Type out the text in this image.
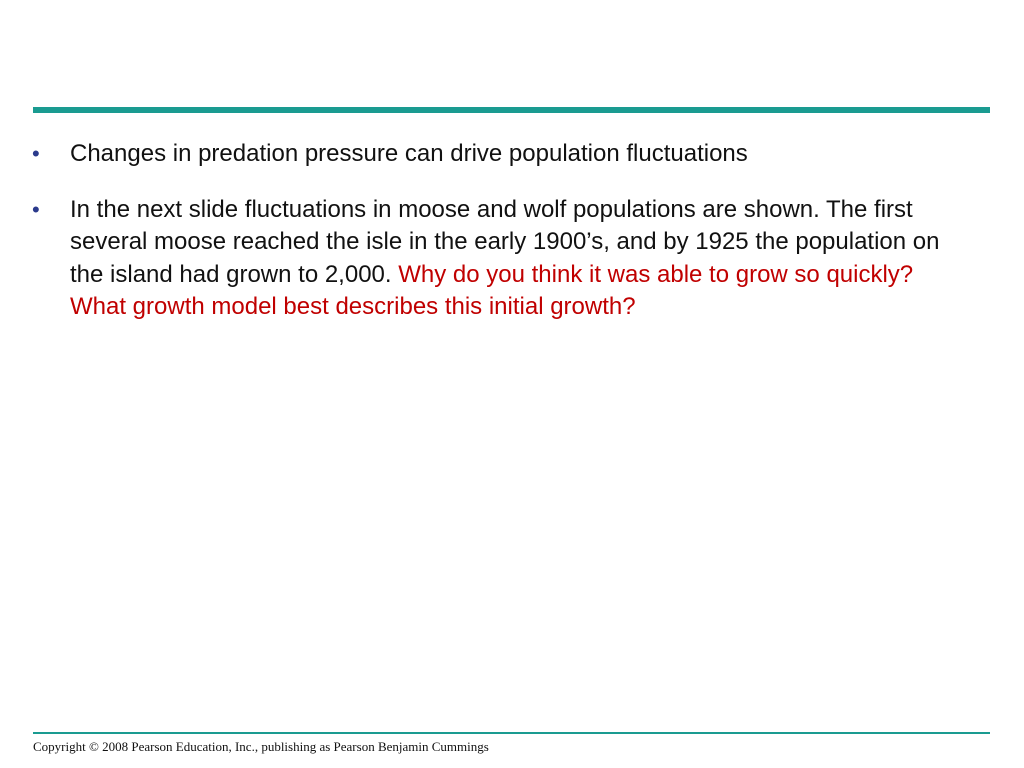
• Changes in predation pressure can drive population fluctuations
• In the next slide fluctuations in moose and wolf populations are shown. The first several moose reached the isle in the early 1900’s, and by 1925 the population on the island had grown to 2,000. Why do you think it was able to grow so quickly? What growth model best describes this initial growth?
Copyright © 2008 Pearson Education, Inc., publishing as Pearson Benjamin Cummings
